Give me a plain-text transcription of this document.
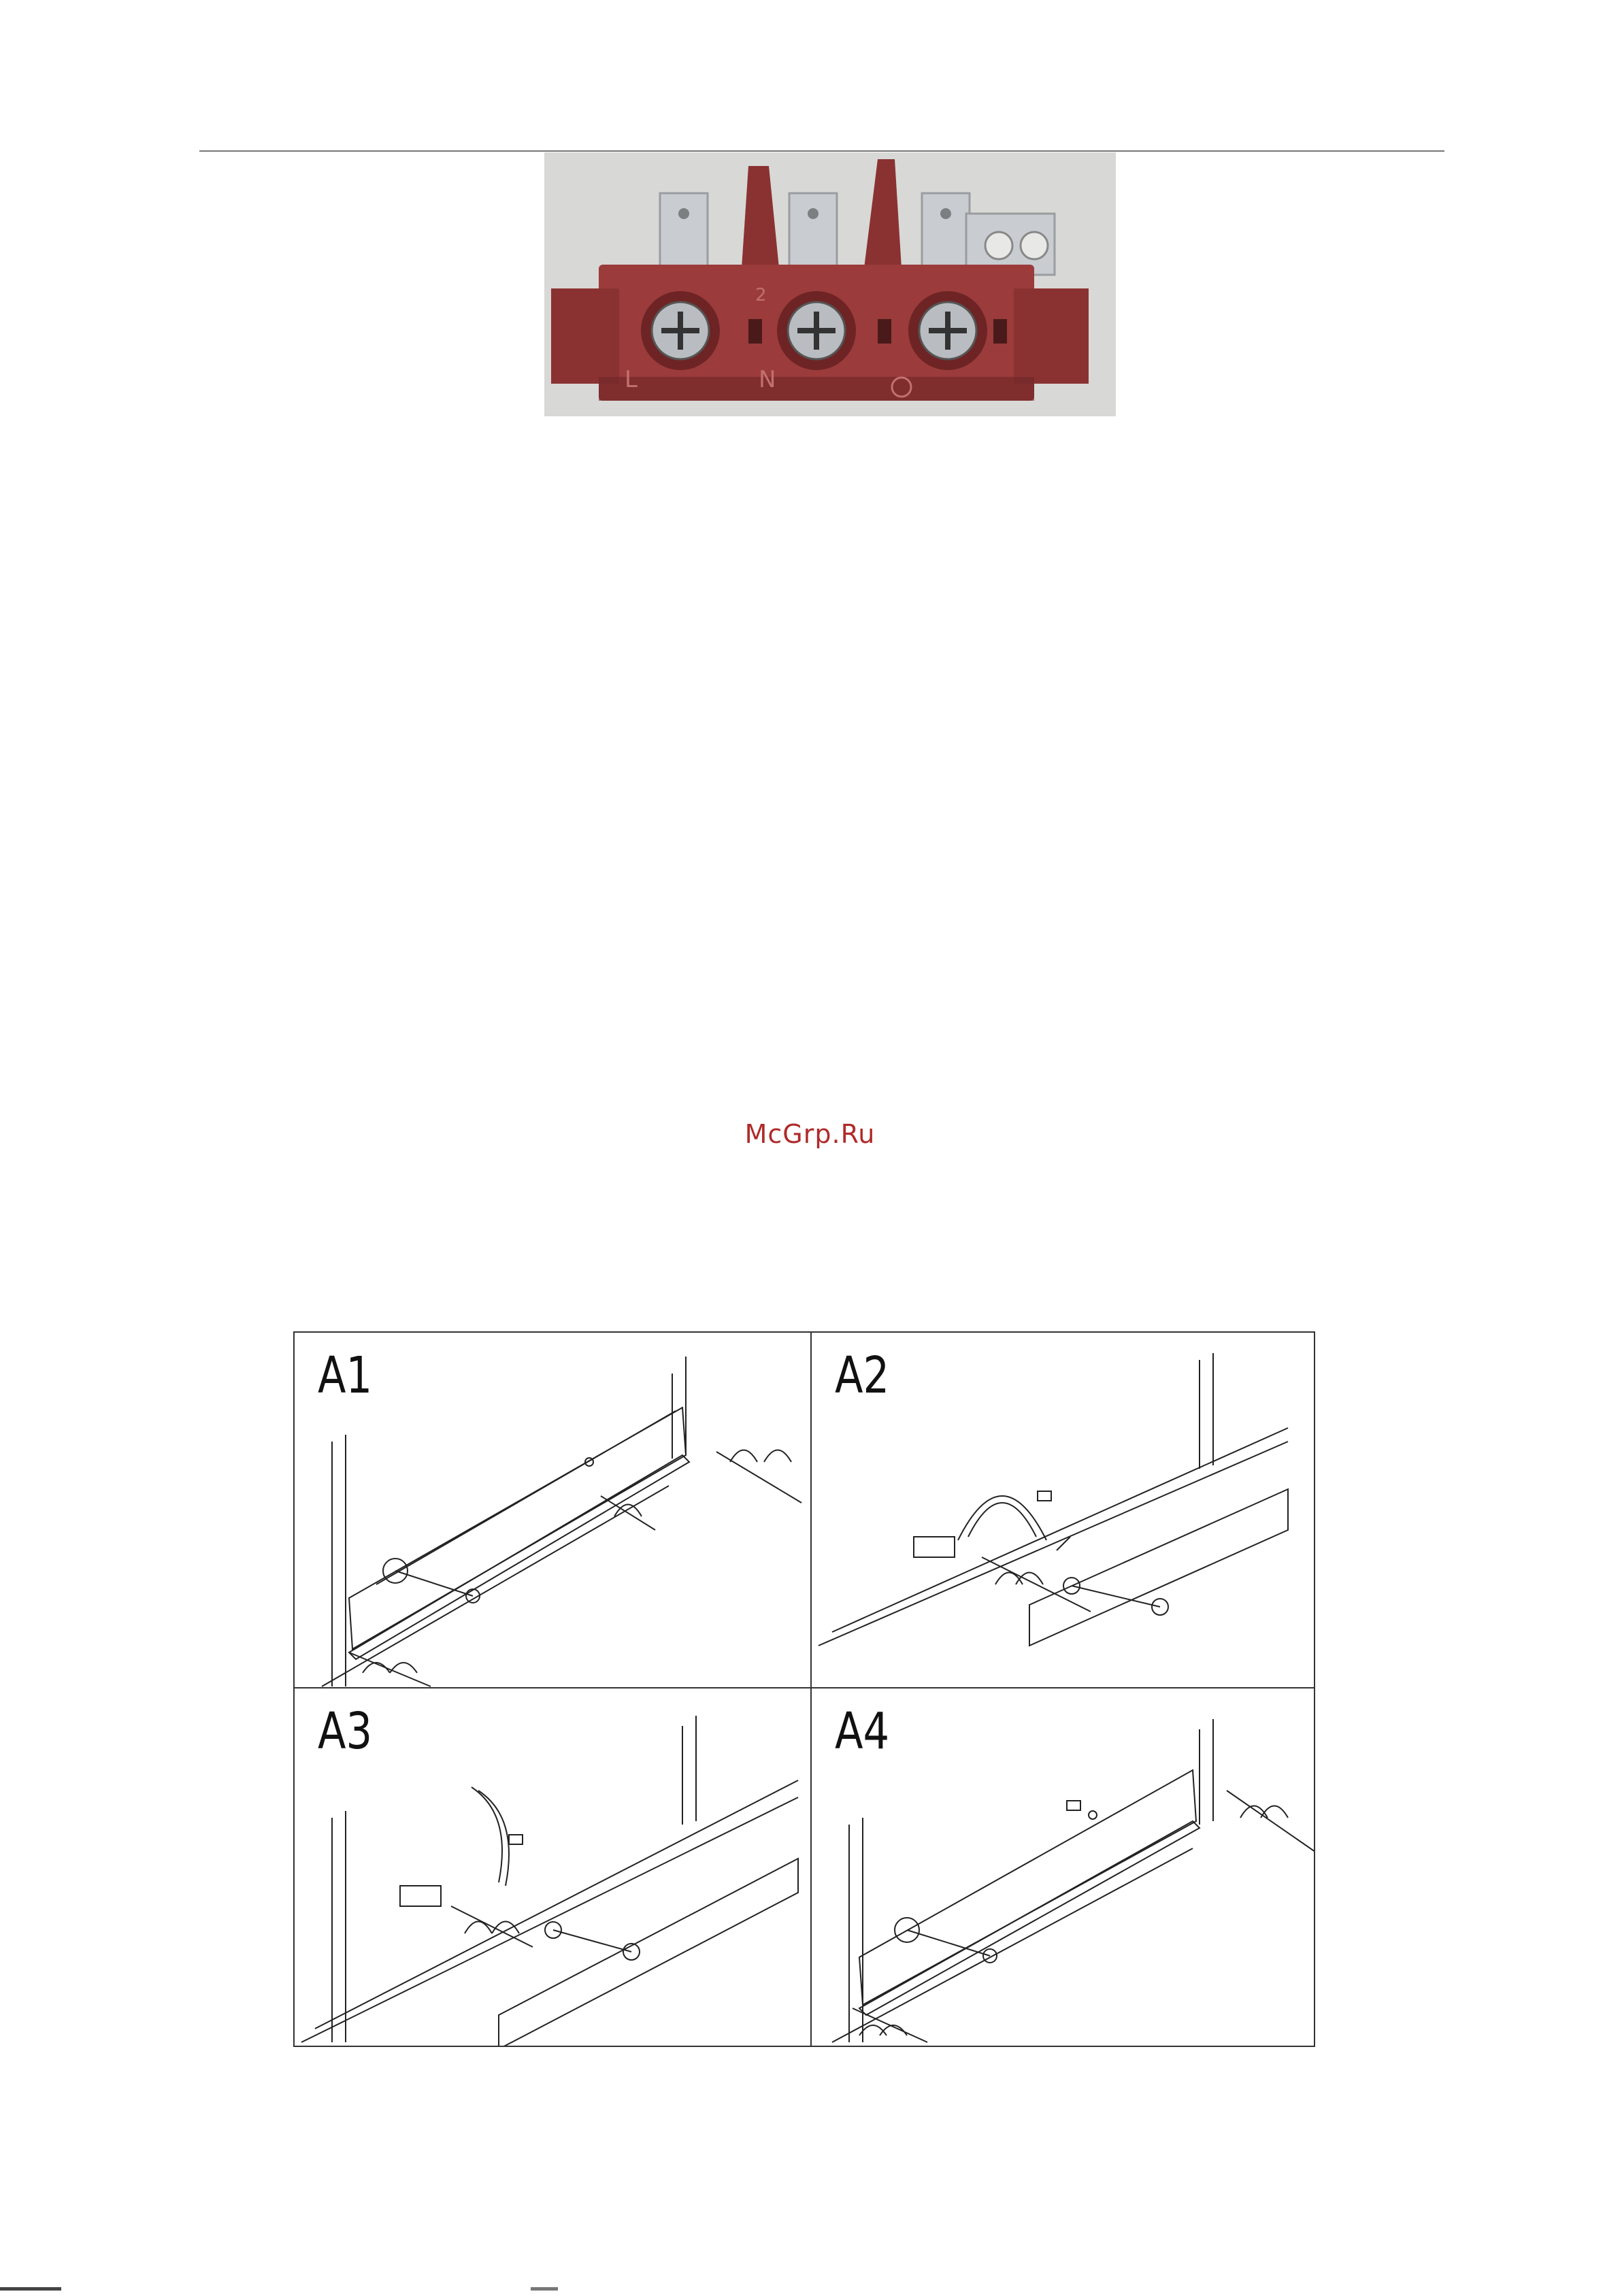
L
2
N
McGrp.Ru
A1	A2
A3	A4
